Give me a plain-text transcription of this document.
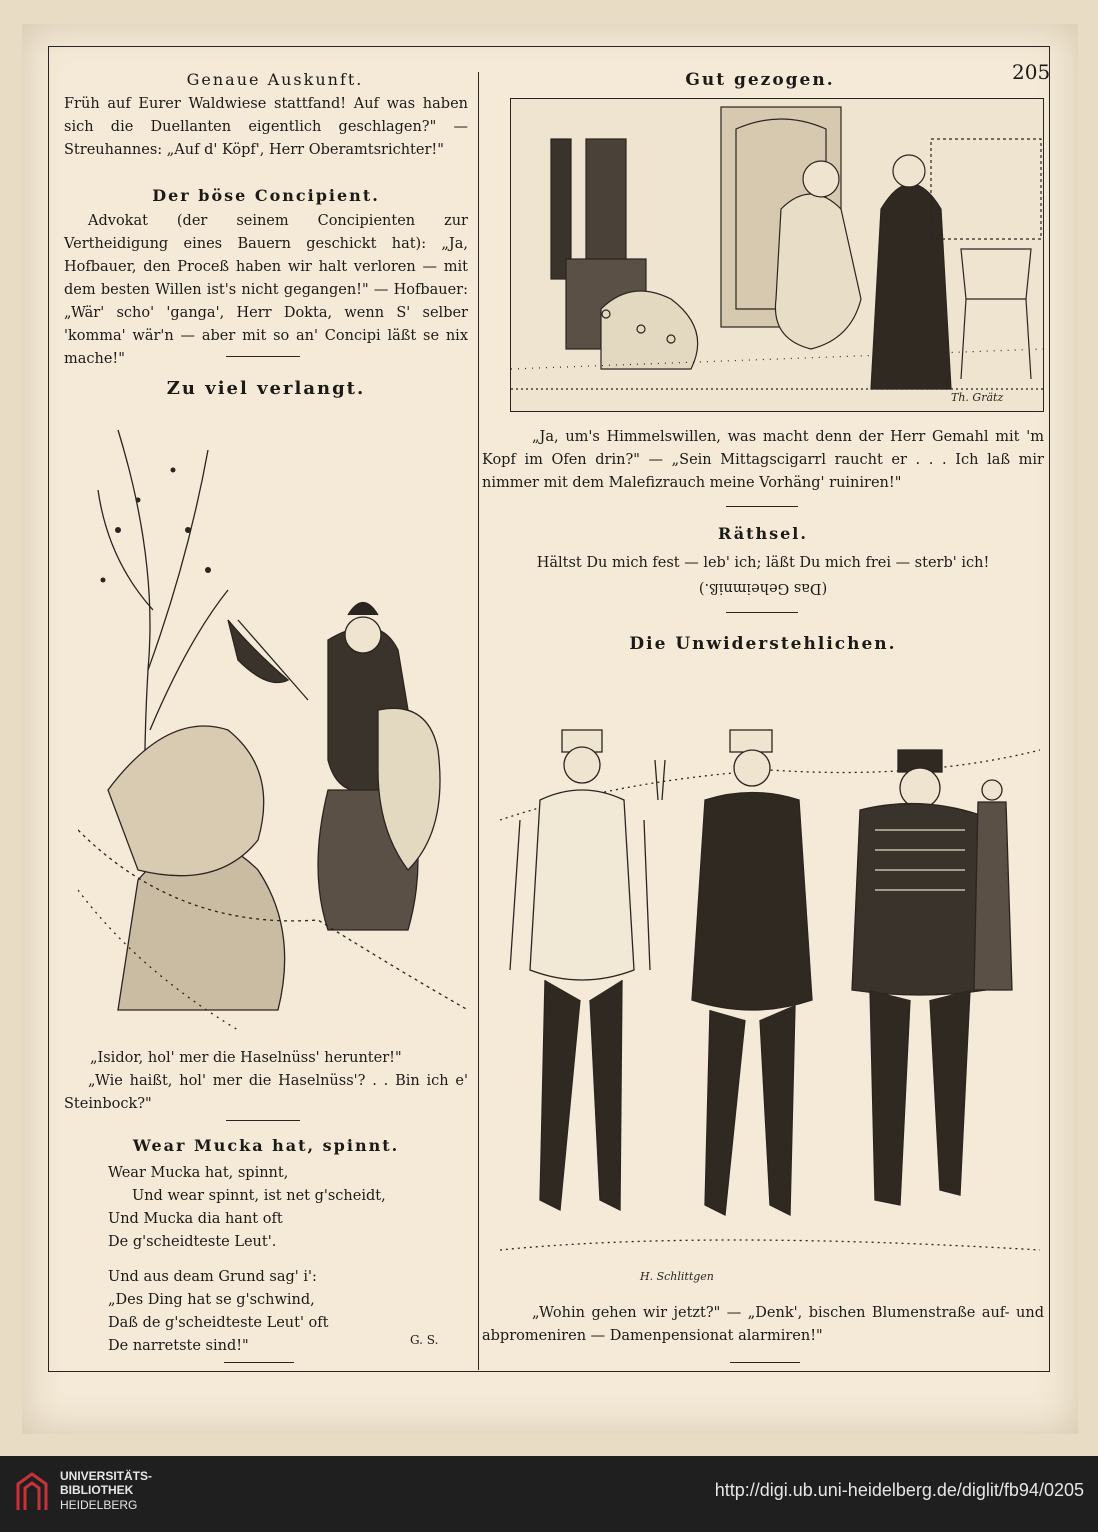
205
Genaue Auskunft.
Früh auf Eurer Waldwiese stattfand! Auf was haben sich die Duellanten eigentlich geschlagen?" — Streuhannes: „Auf d' Köpf', Herr Oberamtsrichter!"
Der böse Concipient.
Advokat (der seinem Concipienten zur Vertheidigung eines Bauern geschickt hat): „Ja, Hofbauer, den Proceß haben wir halt verloren — mit dem besten Willen ist's nicht gegangen!" — Hofbauer: „Wär' scho' 'ganga', Herr Dokta, wenn S' selber 'komma' wär'n — aber mit so an' Concipi läßt se nix mache!"
Zu viel verlangt.
„Isidor, hol' mer die Haselnüss' herunter!"
„Wie haißt, hol' mer die Haselnüss'? . . Bin ich e' Steinbock?"
Wear Mucka hat, spinnt.
Wear Mucka hat, spinnt,
Und wear spinnt, ist net g'scheidt,
Und Mucka dia hant oft
De g'scheidteste Leut'.
Und aus deam Grund sag' i':
„Des Ding hat se g'schwind,
Daß de g'scheidteste Leut' oft
De narretste sind!"	G. S.
Gut gezogen.
Th. Grätz
„Ja, um's Himmelswillen, was macht denn der Herr Gemahl mit 'm Kopf im Ofen drin?" — „Sein Mittagscigarrl raucht er . . . Ich laß mir nimmer mit dem Malefizrauch meine Vorhäng' ruiniren!"
Räthsel.
Hältst Du mich fest — leb' ich; läßt Du mich frei — sterb' ich!
(Das Geheimniß.)
Die Unwiderstehlichen.
H. Schlittgen
„Wohin gehen wir jetzt?" — „Denk', bischen Blumenstraße auf- und abpromeniren — Damenpensionat alarmiren!"
UNIVERSITÄTS-
BIBLIOTHEK
HEIDELBERG
http://digi.ub.uni-heidelberg.de/diglit/fb94/0205
